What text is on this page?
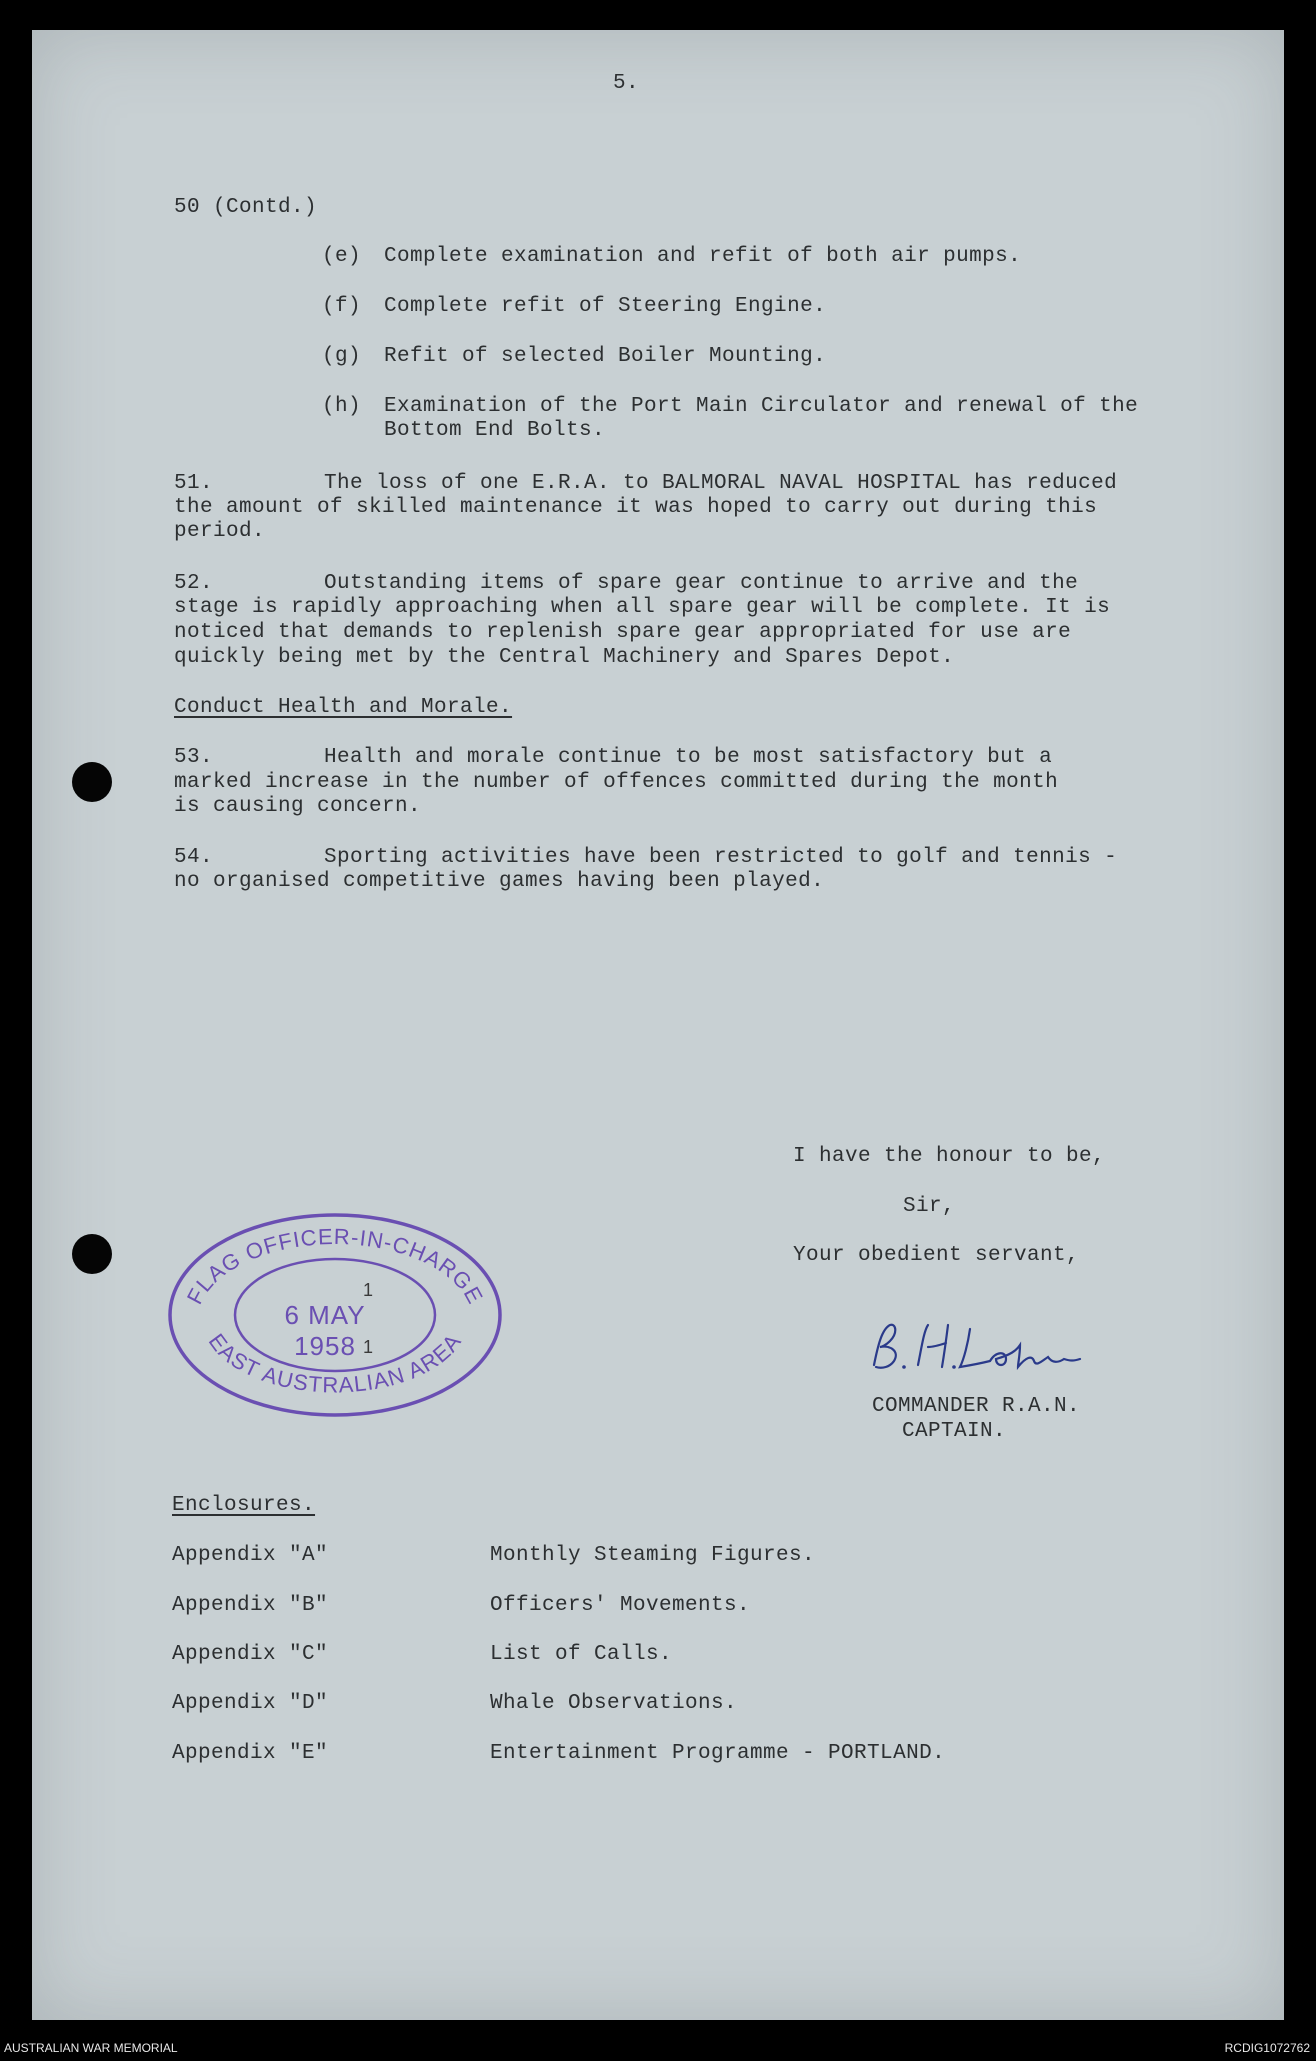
5.

50 (Contd.)

(e) Complete examination and refit of both air pumps.

(f) Complete refit of Steering Engine.

(g) Refit of selected Boiler Mounting.

(h) Examination of the Port Main Circulator and renewal of the

Bottom End Bolts.

51.	The loss of one E.R.A. to BALMORAL NAVAL HOSPITAL has reduced

the amount of skilled maintenance it was hoped to carry out during this

period.

52.	Outstanding items of spare gear continue to arrive and the

stage is rapidly approaching when all spare gear will be complete. It is

noticed that demands to replenish spare gear appropriated for use are

quickly being met by the Central Machinery and Spares Depot.

Conduct Health and Morale.

53.	Health and morale continue to be most satisfactory but a

marked increase in the number of offences committed during the month

is causing concern.

54.	Sporting activities have been restricted to golf and tennis -

no organised competitive games having been played.

I have the honour to be,

Sir,

Your obedient servant,

FLAG OFFICER-IN-CHARGE
EAST AUSTRALIAN AREA
1
1
6 MAY 1958

COMMANDER R.A.N.

CAPTAIN.

Enclosures.

Appendix "A"	Monthly Steaming Figures.

Appendix "B"	Officers' Movements.

Appendix "C"	List of Calls.

Appendix "D"	Whale Observations.

Appendix "E"	Entertainment Programme - PORTLAND.

AUSTRALIAN WAR MEMORIAL	RCDIG1072762
